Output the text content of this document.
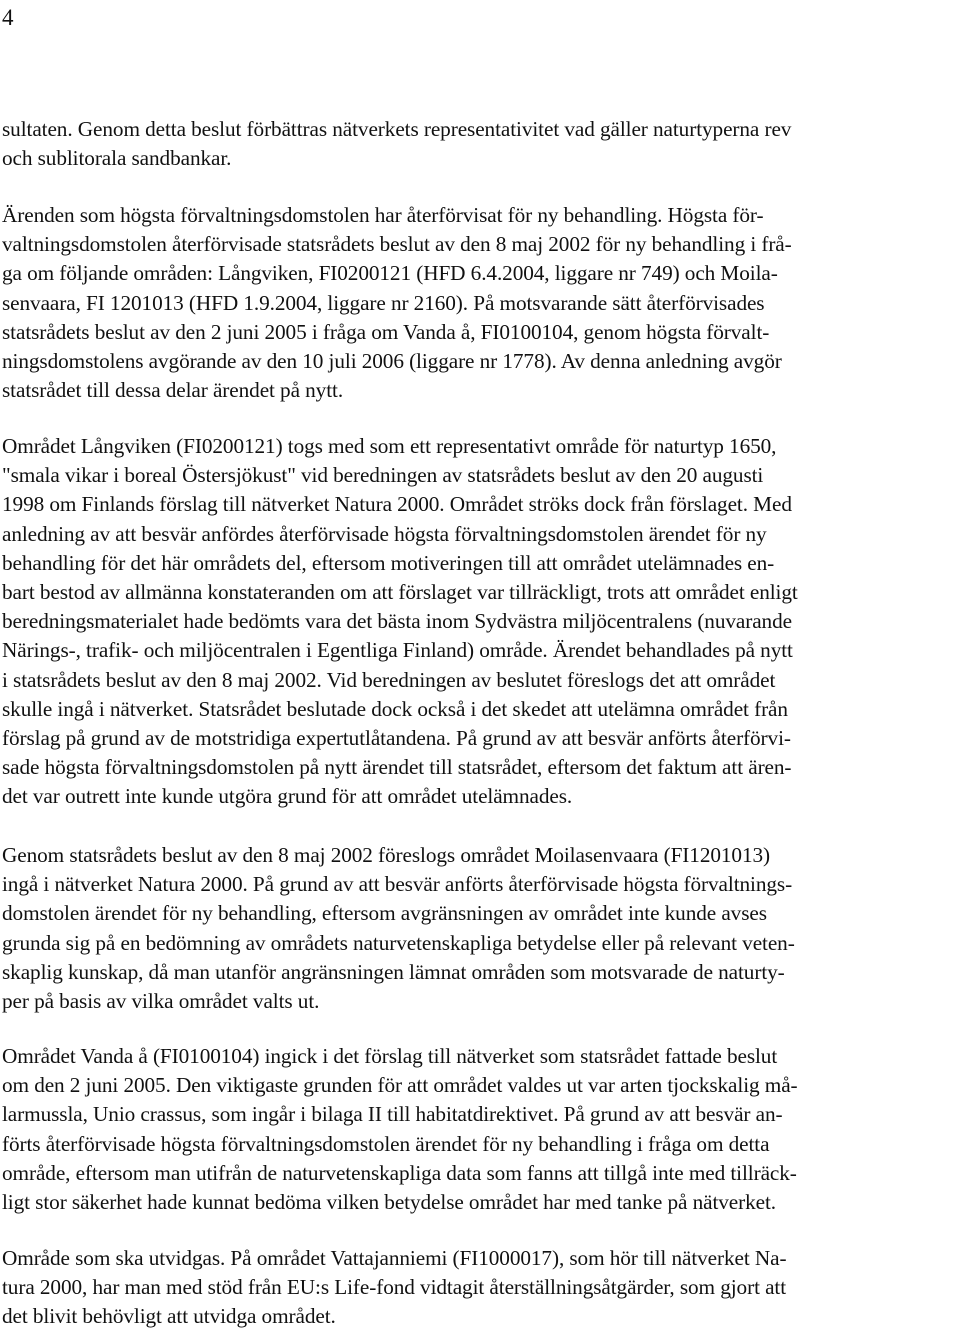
4
sultaten. Genom detta beslut förbättras nätverkets representativitet vad gäller naturtyperna rev
och sublitorala sandbankar.
Ärenden som högsta förvaltningsdomstolen har återförvisat för ny behandling. Högsta för-
valtningsdomstolen återförvisade statsrådets beslut av den 8 maj 2002 för ny behandling i frå-
ga om följande områden: Långviken, FI0200121 (HFD 6.4.2004, liggare nr 749) och Moila-
senvaara, FI 1201013 (HFD 1.9.2004, liggare nr 2160). På motsvarande sätt återförvisades
statsrådets beslut av den 2 juni 2005 i fråga om Vanda å, FI0100104, genom högsta förvalt-
ningsdomstolens avgörande av den 10 juli 2006 (liggare nr 1778). Av denna anledning avgör
statsrådet till dessa delar ärendet på nytt.
Området Långviken (FI0200121) togs med som ett representativt område för naturtyp 1650,
"smala vikar i boreal Östersjökust" vid beredningen av statsrådets beslut av den 20 augusti
1998 om Finlands förslag till nätverket Natura 2000. Området ströks dock från förslaget. Med
anledning av att besvär anfördes återförvisade högsta förvaltningsdomstolen ärendet för ny
behandling för det här områdets del, eftersom motiveringen till att området utelämnades en-
bart bestod av allmänna konstateranden om att förslaget var tillräckligt, trots att området enligt
beredningsmaterialet hade bedömts vara det bästa inom Sydvästra miljöcentralens (nuvarande
Närings-, trafik- och miljöcentralen i Egentliga Finland) område. Ärendet behandlades på nytt
i statsrådets beslut av den 8 maj 2002. Vid beredningen av beslutet föreslogs det att området
skulle ingå i nätverket. Statsrådet beslutade dock också i det skedet att utelämna området från
förslag på grund av de motstridiga expertutlåtandena. På grund av att besvär anförts återförvi-
sade högsta förvaltningsdomstolen på nytt ärendet till statsrådet, eftersom det faktum att ären-
det var outrett inte kunde utgöra grund för att området utelämnades.
Genom statsrådets beslut av den 8 maj 2002 föreslogs området Moilasenvaara (FI1201013)
ingå i nätverket Natura 2000. På grund av att besvär anförts återförvisade högsta förvaltnings-
domstolen ärendet för ny behandling, eftersom avgränsningen av området inte kunde avses
grunda sig på en bedömning av områdets naturvetenskapliga betydelse eller på relevant veten-
skaplig kunskap, då man utanför angränsningen lämnat områden som motsvarade de naturty-
per på basis av vilka området valts ut.
Området Vanda å (FI0100104) ingick i det förslag till nätverket som statsrådet fattade beslut
om den 2 juni 2005. Den viktigaste grunden för att området valdes ut var arten tjockskalig må-
larmussla, Unio crassus, som ingår i bilaga II till habitatdirektivet. På grund av att besvär an-
förts återförvisade högsta förvaltningsdomstolen ärendet för ny behandling i fråga om detta
område, eftersom man utifrån de naturvetenskapliga data som fanns att tillgå inte med tillräck-
ligt stor säkerhet hade kunnat bedöma vilken betydelse området har med tanke på nätverket.
Område som ska utvidgas. På området Vattajanniemi (FI1000017), som hör till nätverket Na-
tura 2000, har man med stöd från EU:s Life-fond vidtagit återställningsåtgärder, som gjort att
det blivit behövligt att utvidga området.
